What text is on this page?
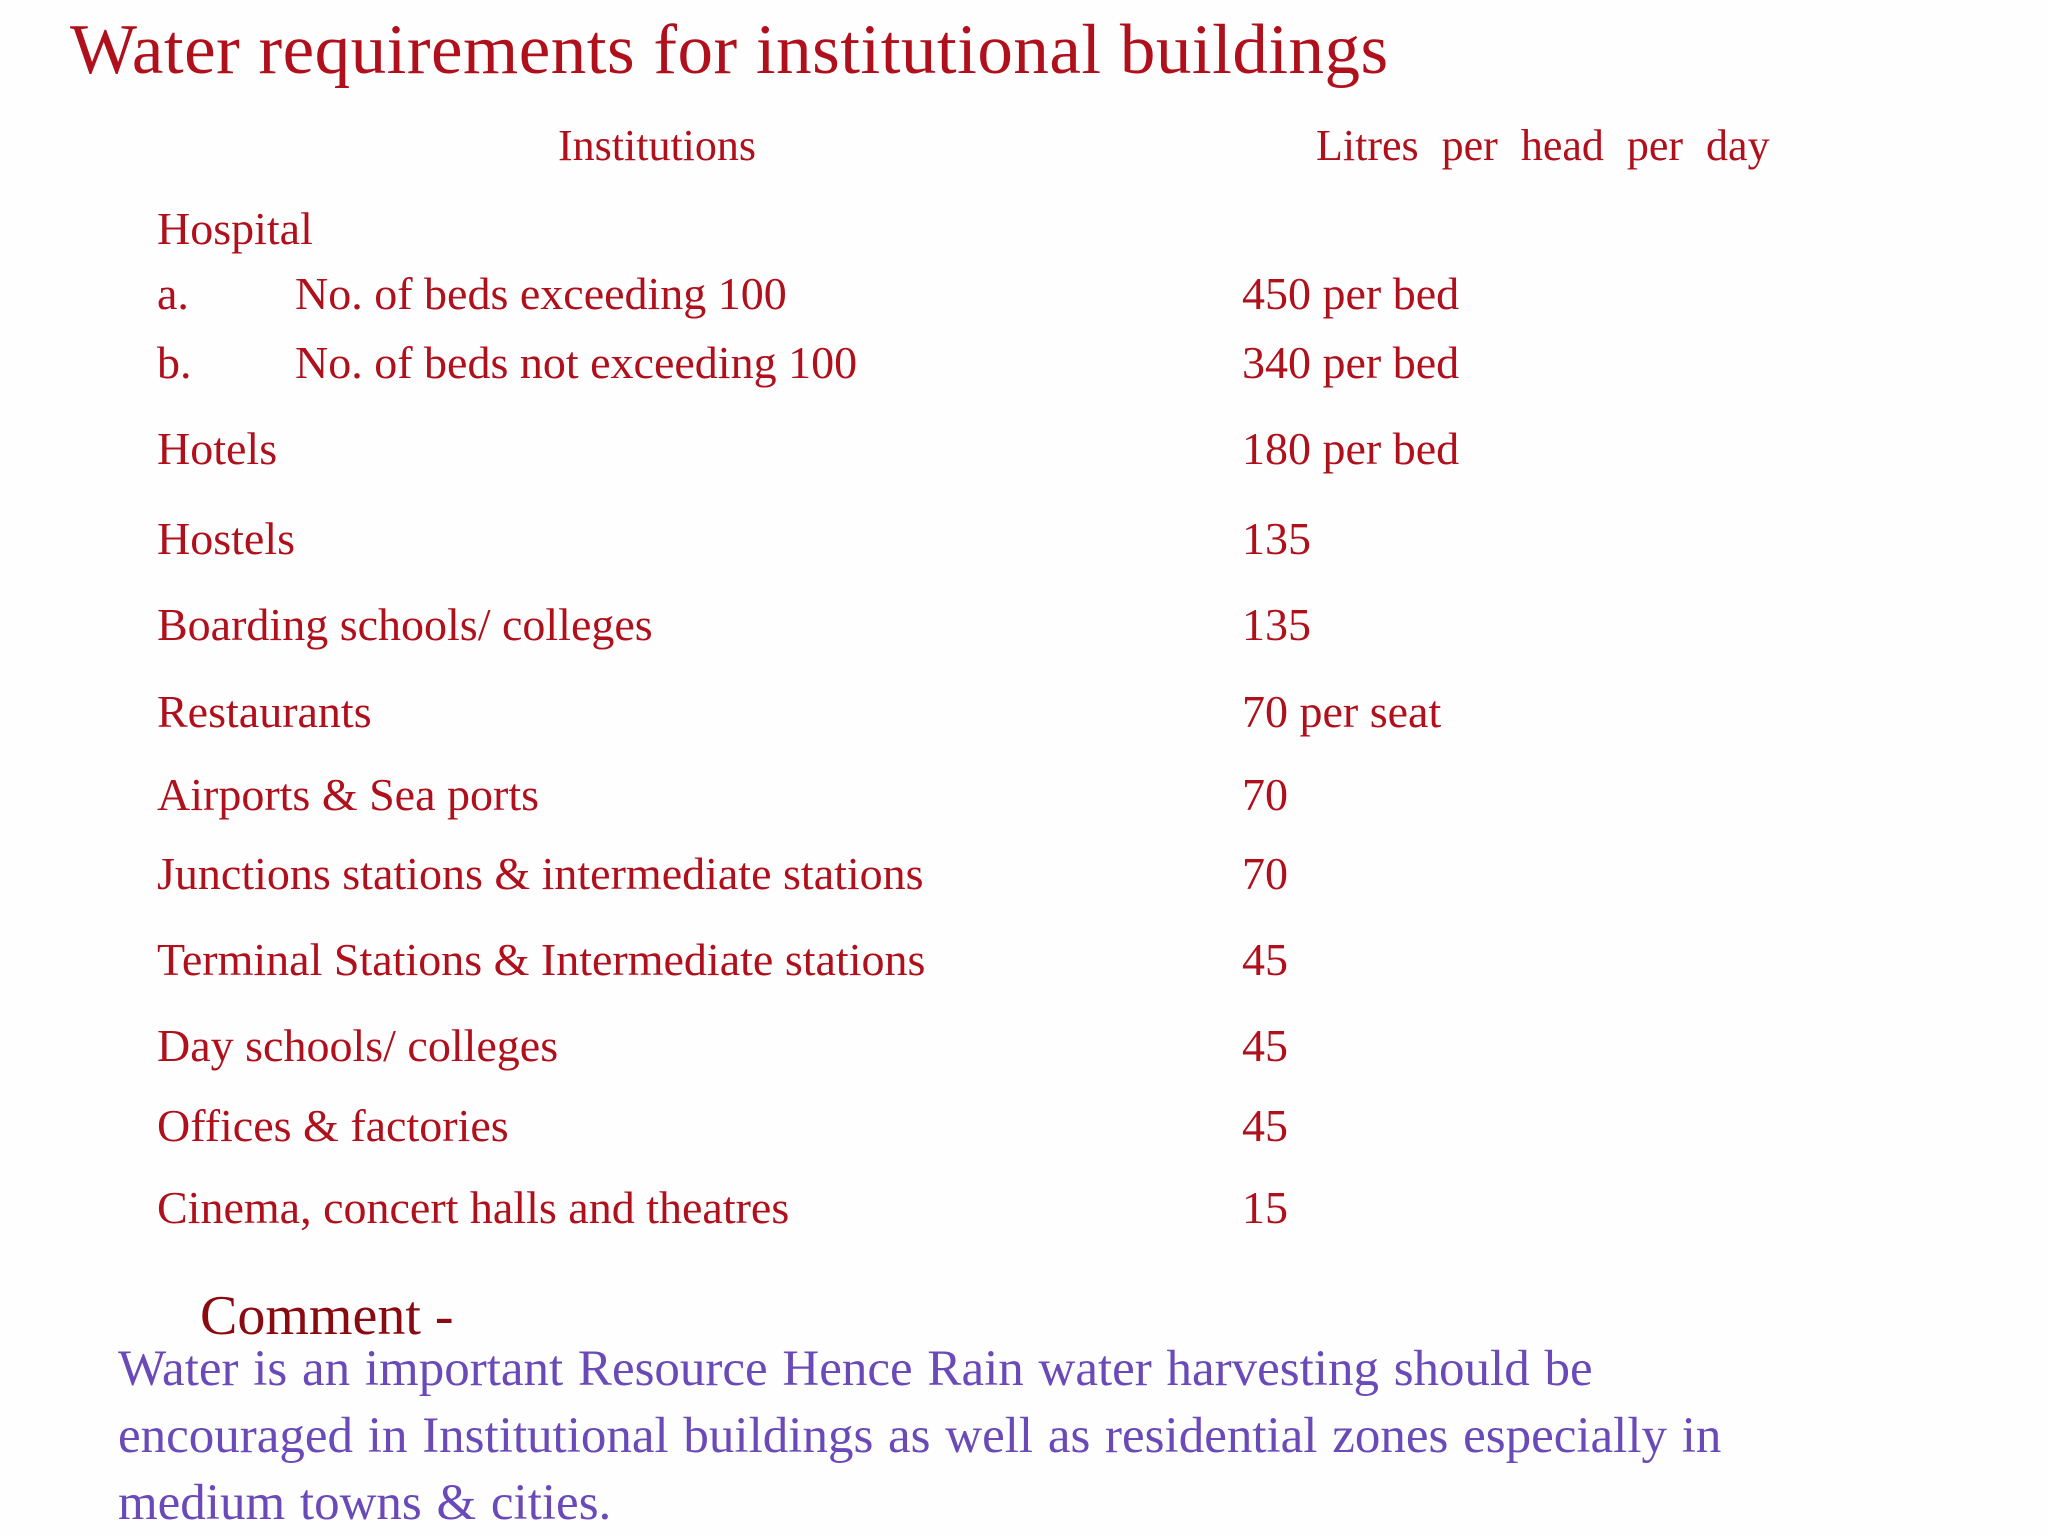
Water requirements for institutional buildings
Institutions	Litres per head per day
Hospital
a. No. of beds exceeding 100	450 per bed
b. No. of beds not exceeding 100	340 per bed
Hotels	180 per bed
Hostels	135
Boarding schools/ colleges	135
Restaurants	70 per seat
Airports & Sea ports	70
Junctions stations & intermediate stations	70
Terminal Stations & Intermediate stations	45
Day schools/ colleges	45
Offices & factories	45
Cinema, concert halls and theatres	15
Comment -
Water is an important Resource Hence Rain water harvesting should be
encouraged in Institutional buildings as well as residential zones especially in
medium towns & cities.
